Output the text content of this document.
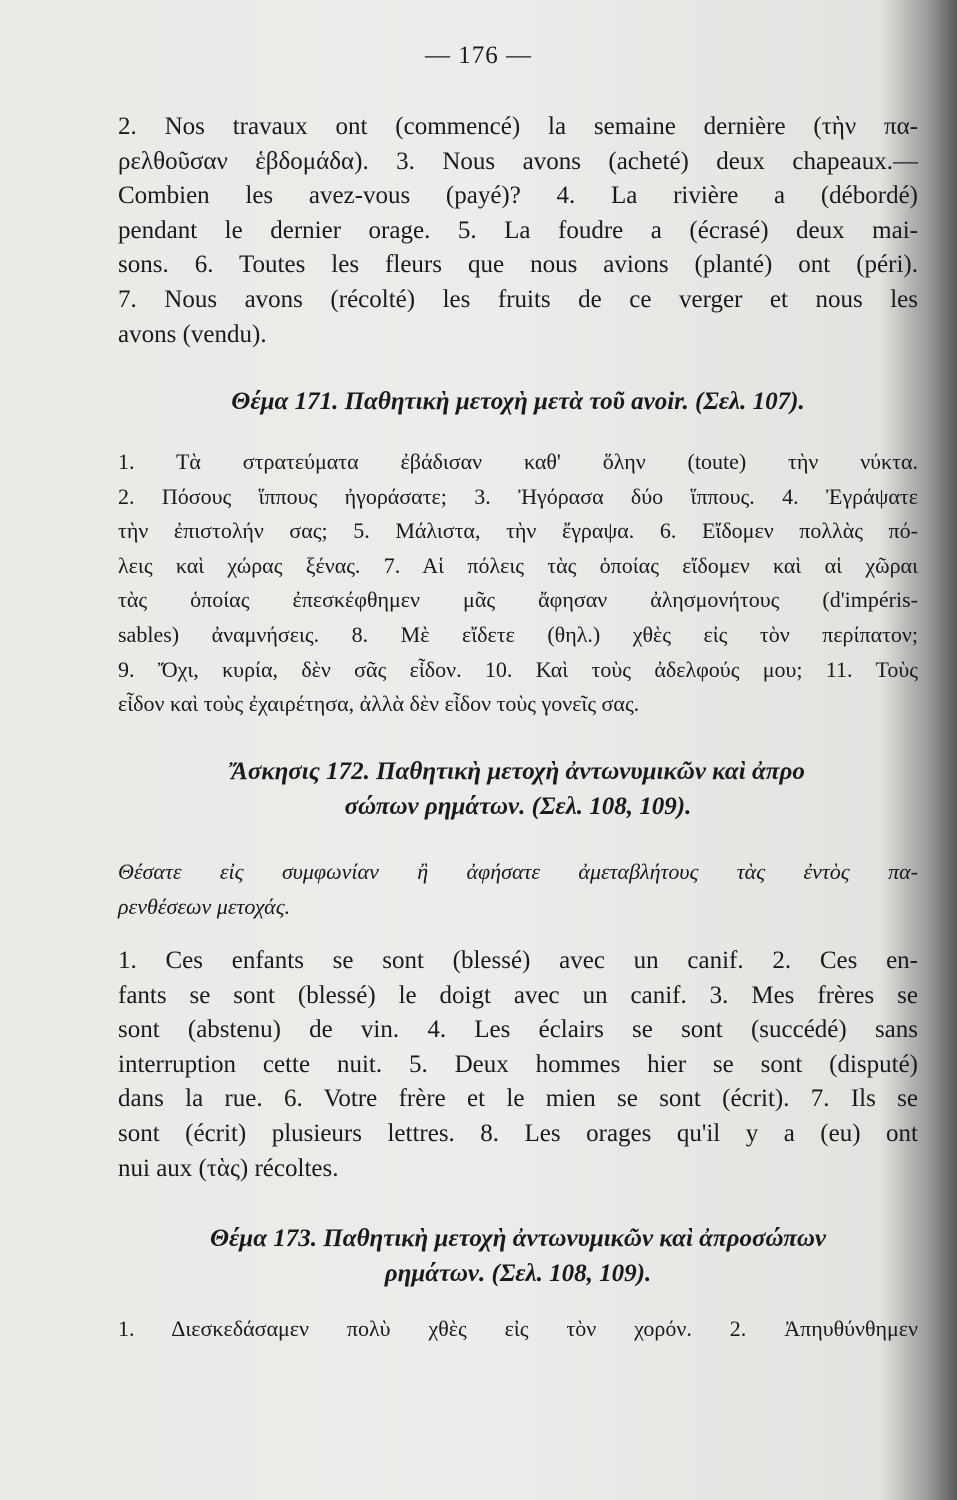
— 176 —
2. Nos travaux ont (commencé) la semaine dernière (τὴν πα-
ρελθοῦσαν ἑβδομάδα). 3. Nous avons (acheté) deux chapeaux.—
Combien les avez-vous (payé)? 4. La rivière a (débordé)
pendant le dernier orage. 5. La foudre a (écrasé) deux mai-
sons. 6. Toutes les fleurs que nous avions (planté) ont (péri).
7. Nous avons (récolté) les fruits de ce verger et nous les
avons (vendu).
Θέμα 171. Παθητικὴ μετοχὴ μετὰ τοῦ avoir. (Σελ. 107).
1. Τὰ στρατεύματα ἐβάδισαν καθ' ὅλην (toute) τὴν νύκτα.
2. Πόσους ἵππους ἠγοράσατε; 3. Ἠγόρασα δύο ἵππους. 4. Ἐγράψατε
τὴν ἐπιστολήν σας; 5. Μάλιστα, τὴν ἔγραψα. 6. Εἴδομεν πολλὰς πό-
λεις καὶ χώρας ξένας. 7. Αἱ πόλεις τὰς ὁποίας εἴδομεν καὶ αἱ χῶραι
τὰς ὁποίας ἐπεσκέφθημεν μᾶς ἄφησαν ἀλησμονήτους (d'impéris-
sables) ἀναμνήσεις. 8. Μὲ εἴδετε (θηλ.) χθὲς εἰς τὸν περίπατον;
9. Ὄχι, κυρία, δὲν σᾶς εἶδον. 10. Καὶ τοὺς ἀδελφούς μου; 11. Τοὺς
εἶδον καὶ τοὺς ἐχαιρέτησα, ἀλλὰ δὲν εἶδον τοὺς γονεῖς σας.
Ἄσκησις 172. Παθητικὴ μετοχὴ ἀντωνυμικῶν καὶ ἀπρο
σώπων ρημάτων. (Σελ. 108, 109).
Θέσατε εἰς συμφωνίαν ἢ ἀφήσατε ἀμεταβλήτους τὰς ἐντὸς πα-
ρενθέσεων μετοχάς.
1. Ces enfants se sont (blessé) avec un canif. 2. Ces en-
fants se sont (blessé) le doigt avec un canif. 3. Mes frères se
sont (abstenu) de vin. 4. Les éclairs se sont (succédé) sans
interruption cette nuit. 5. Deux hommes hier se sont (disputé)
dans la rue. 6. Votre frère et le mien se sont (écrit). 7. Ils se
sont (écrit) plusieurs lettres. 8. Les orages qu'il y a (eu) ont
nui aux (τὰς) récoltes.
Θέμα 173. Παθητικὴ μετοχὴ ἀντωνυμικῶν καὶ ἀπροσώπων
ρημάτων. (Σελ. 108, 109).
1. Διεσκεδάσαμεν πολὺ χθὲς εἰς τὸν χορόν. 2. Ἀπηυθύνθημεν
